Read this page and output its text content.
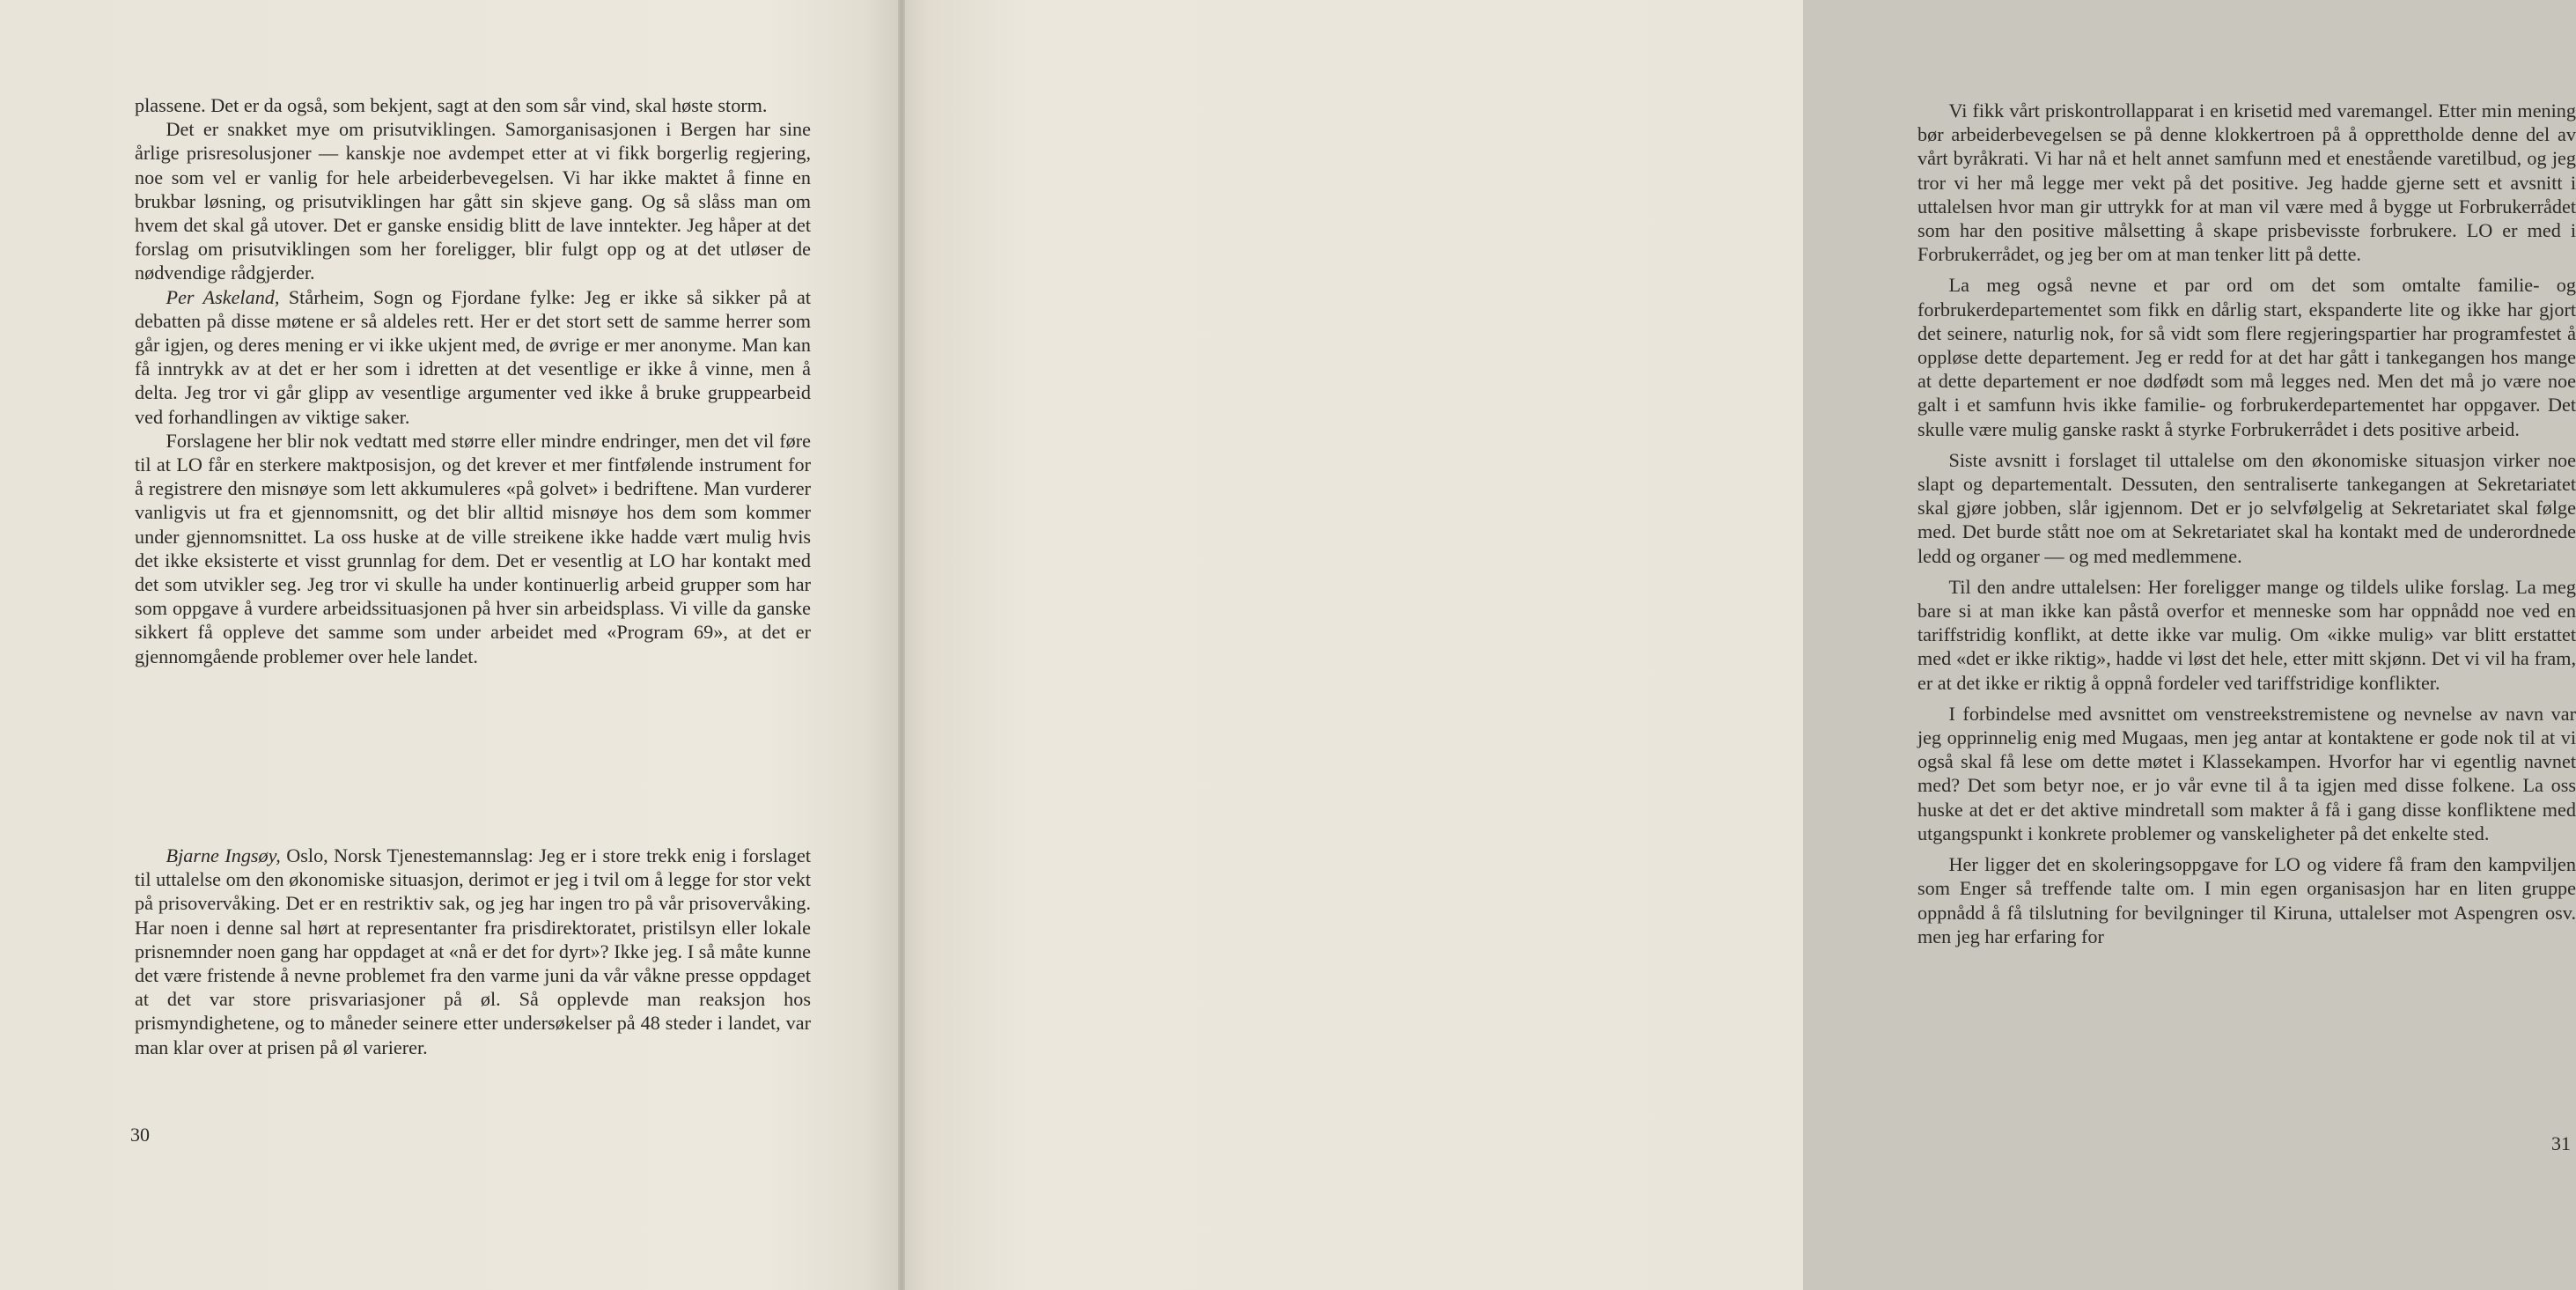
plassene. Det er da også, som bekjent, sagt at den som sår vind, skal høste storm.

Det er snakket mye om prisutviklingen. Samorganisasjonen i Bergen har sine årlige prisresolusjoner — kanskje noe avdempet etter at vi fikk borgerlig regjering, noe som vel er vanlig for hele arbeiderbevegelsen. Vi har ikke maktet å finne en brukbar løsning, og prisutviklingen har gått sin skjeve gang. Og så slåss man om hvem det skal gå utover. Det er ganske ensidig blitt de lave inntekter. Jeg håper at det forslag om prisutviklingen som her foreligger, blir fulgt opp og at det utløser de nødvendige rådgjerder.

Per Askeland, Stårheim, Sogn og Fjordane fylke: Jeg er ikke så sikker på at debatten på disse møtene er så aldeles rett. Her er det stort sett de samme herrer som går igjen, og deres mening er vi ikke ukjent med, de øvrige er mer anonyme. Man kan få inntrykk av at det er her som i idretten at det vesentlige er ikke å vinne, men å delta. Jeg tror vi går glipp av vesentlige argumenter ved ikke å bruke gruppearbeid ved forhandlingen av viktige saker.

Forslagene her blir nok vedtatt med større eller mindre endringer, men det vil føre til at LO får en sterkere maktposisjon, og det krever et mer fintfølende instrument for å registrere den misnøye som lett akkumuleres «på golvet» i bedriftene. Man vurderer vanligvis ut fra et gjennomsnitt, og det blir alltid misnøye hos dem som kommer under gjennomsnittet. La oss huske at de ville streikene ikke hadde vært mulig hvis det ikke eksisterte et visst grunnlag for dem. Det er vesentlig at LO har kontakt med det som utvikler seg. Jeg tror vi skulle ha under kontinuerlig arbeid grupper som har som oppgave å vurdere arbeidssituasjonen på hver sin arbeidsplass. Vi ville da ganske sikkert få oppleve det samme som under arbeidet med «Program 69», at det er gjennomgående problemer over hele landet.

Bjarne Ingsøy, Oslo, Norsk Tjenestemannslag: Jeg er i store trekk enig i forslaget til uttalelse om den økonomiske situasjon, derimot er jeg i tvil om å legge for stor vekt på prisovervåking. Det er en restriktiv sak, og jeg har ingen tro på vår prisovervåking. Har noen i denne sal hørt at representanter fra prisdirektoratet, pristilsyn eller lokale prisnemnder noen gang har oppdaget at «nå er det for dyrt»? Ikke jeg. I så måte kunne det være fristende å nevne problemet fra den varme juni da vår våkne presse oppdaget at det var store prisvariasjoner på øl. Så opplevde man reaksjon hos prismyndighetene, og to måneder seinere etter undersøkelser på 48 steder i landet, var man klar over at prisen på øl varierer.

30

Vi fikk vårt priskontrollapparat i en krisetid med varemangel. Etter min mening bør arbeiderbevegelsen se på denne klokkertroen på å opprettholde denne del av vårt byråkrati. Vi har nå et helt annet samfunn med et enestående varetilbud, og jeg tror vi her må legge mer vekt på det positive. Jeg hadde gjerne sett et avsnitt i uttalelsen hvor man gir uttrykk for at man vil være med å bygge ut Forbrukerrådet som har den positive målsetting å skape prisbevisste forbrukere. LO er med i Forbrukerrådet, og jeg ber om at man tenker litt på dette.

La meg også nevne et par ord om det som omtalte familie- og forbrukerdepartementet som fikk en dårlig start, ekspanderte lite og ikke har gjort det seinere, naturlig nok, for så vidt som flere regjeringspartier har programfestet å oppløse dette departement. Jeg er redd for at det har gått i tankegangen hos mange at dette departement er noe dødfødt som må legges ned. Men det må jo være noe galt i et samfunn hvis ikke familie- og forbrukerdepartementet har oppgaver. Det skulle være mulig ganske raskt å styrke Forbrukerrådet i dets positive arbeid.

Siste avsnitt i forslaget til uttalelse om den økonomiske situasjon virker noe slapt og departementalt. Dessuten, den sentraliserte tankegangen at Sekretariatet skal gjøre jobben, slår igjennom. Det er jo selvfølgelig at Sekretariatet skal følge med. Det burde stått noe om at Sekretariatet skal ha kontakt med de underordnede ledd og organer — og med medlemmene.

Til den andre uttalelsen: Her foreligger mange og tildels ulike forslag. La meg bare si at man ikke kan påstå overfor et menneske som har oppnådd noe ved en tariffstridig konflikt, at dette ikke var mulig. Om «ikke mulig» var blitt erstattet med «det er ikke riktig», hadde vi løst det hele, etter mitt skjønn. Det vi vil ha fram, er at det ikke er riktig å oppnå fordeler ved tariffstridige konflikter.

I forbindelse med avsnittet om venstreekstremistene og nevnelse av navn var jeg opprinnelig enig med Mugaas, men jeg antar at kontaktene er gode nok til at vi også skal få lese om dette møtet i Klassekampen. Hvorfor har vi egentlig navnet med? Det som betyr noe, er jo vår evne til å ta igjen med disse folkene. La oss huske at det er det aktive mindretall som makter å få i gang disse konfliktene med utgangspunkt i konkrete problemer og vanskeligheter på det enkelte sted.

Her ligger det en skoleringsoppgave for LO og videre få fram den kampviljen som Enger så treffende talte om. I min egen organisasjon har en liten gruppe oppnådd å få tilslutning for bevilgninger til Kiruna, uttalelser mot Aspengren osv. men jeg har erfaring for

31
